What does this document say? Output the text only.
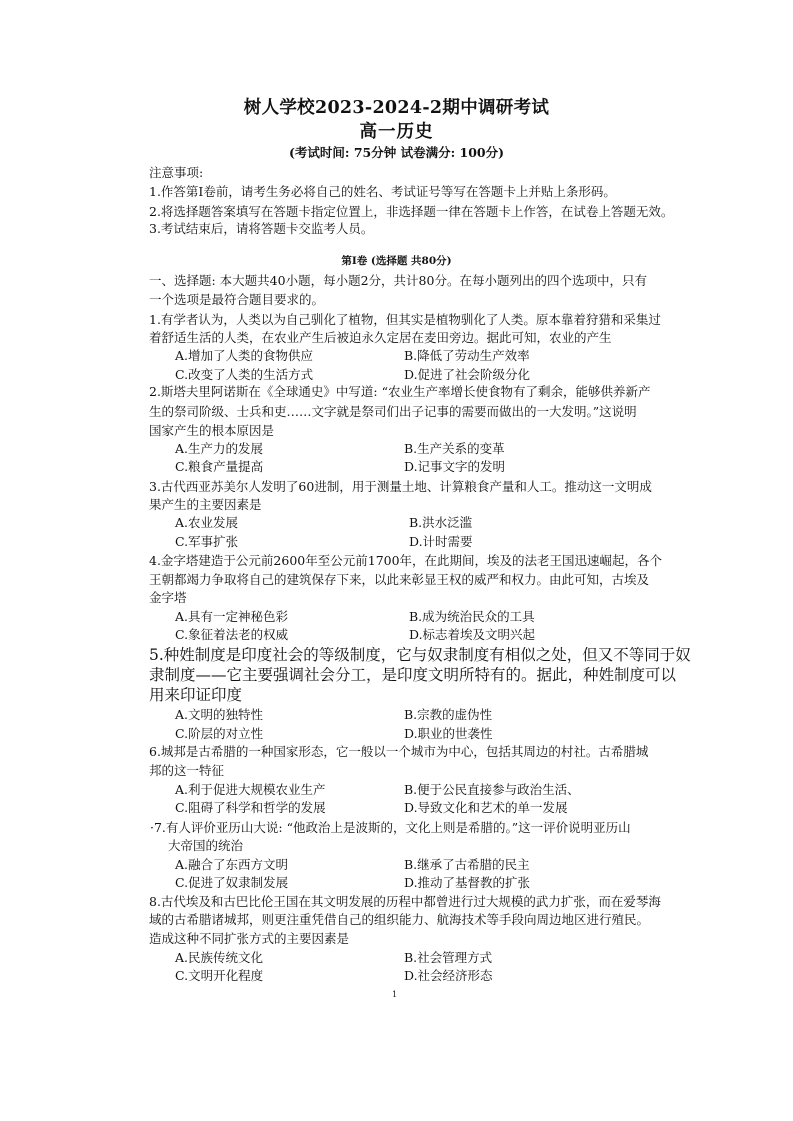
树人学校2023-2024-2期中调研考试
高一历史
(考试时间: 75分钟 试卷满分: 100分)
注意事项:
1.作答第Ⅰ卷前，请考生务必将自己的姓名、考试证号等写在答题卡上并贴上条形码。
2.将选择题答案填写在答题卡指定位置上，非选择题一律在答题卡上作答，在试卷上答题无效。
3.考试结束后，请将答题卡交监考人员。
第Ⅰ卷 (选择题 共80分)
一、选择题: 本大题共40小题，每小题2分，共计80分。在每小题列出的四个选项中，只有
一个选项是最符合题目要求的。
1.有学者认为，人类以为自己驯化了植物，但其实是植物驯化了人类。原本靠着狩猎和采集过
着舒适生活的人类，在农业产生后被迫永久定居在麦田旁边。据此可知，农业的产生
A.增加了人类的食物供应	B.降低了劳动生产效率
C.改变了人类的生活方式	D.促进了社会阶级分化
2.斯塔夫里阿诺斯在《全球通史》中写道: “农业生产率增长使食物有了剩余，能够供养新产
生的祭司阶级、士兵和吏……文字就是祭司们出子记事的需要而做出的一大发明。”这说明
国家产生的根本原因是
A.生产力的发展	B.生产关系的变革
C.粮食产量提高	D.记事文字的发明
3.古代西亚苏美尔人发明了60进制，用于测量土地、计算粮食产量和人工。推动这一文明成
果产生的主要因素是
A.农业发展	B.洪水泛滥
C.军事扩张	D.计时需要
4.金字塔建造于公元前2600年至公元前1700年，在此期间，埃及的法老王国迅速崛起，各个
王朝都竭力争取将自己的建筑保存下来，以此来彰显王权的威严和权力。由此可知，古埃及
金字塔
A.具有一定神秘色彩	B.成为统治民众的工具
C.象征着法老的权威	D.标志着埃及文明兴起
5.种姓制度是印度社会的等级制度，它与奴隶制度有相似之处，但又不等同于奴
隶制度——它主要强调社会分工，是印度文明所特有的。据此，种姓制度可以
用来印证印度
A.文明的独特性	B.宗教的虚伪性
C.阶层的对立性	D.职业的世袭性
6.城邦是古希腊的一种国家形态，它一般以一个城市为中心，包括其周边的村社。古希腊城
邦的这一特征
A.利于促进大规模农业生产	B.便于公民直接参与政治生活、
C.阻碍了科学和哲学的发展	D.导致文化和艺术的单一发展
·7.有人评价亚历山大说: “他政治上是波斯的，文化上则是希腊的。”这一评价说明亚历山
大帝国的统治
A.融合了东西方文明	B.继承了古希腊的民主
C.促进了奴隶制发展	D.推动了基督教的扩张
8.古代埃及和古巴比伦王国在其文明发展的历程中都曾进行过大规模的武力扩张，而在爱琴海
域的古希腊诸城邦，则更注重凭借自己的组织能力、航海技术等手段向周边地区进行殖民。
造成这种不同扩张方式的主要因素是
A.民族传统文化	B.社会管理方式
C.文明开化程度	D.社会经济形态
1
